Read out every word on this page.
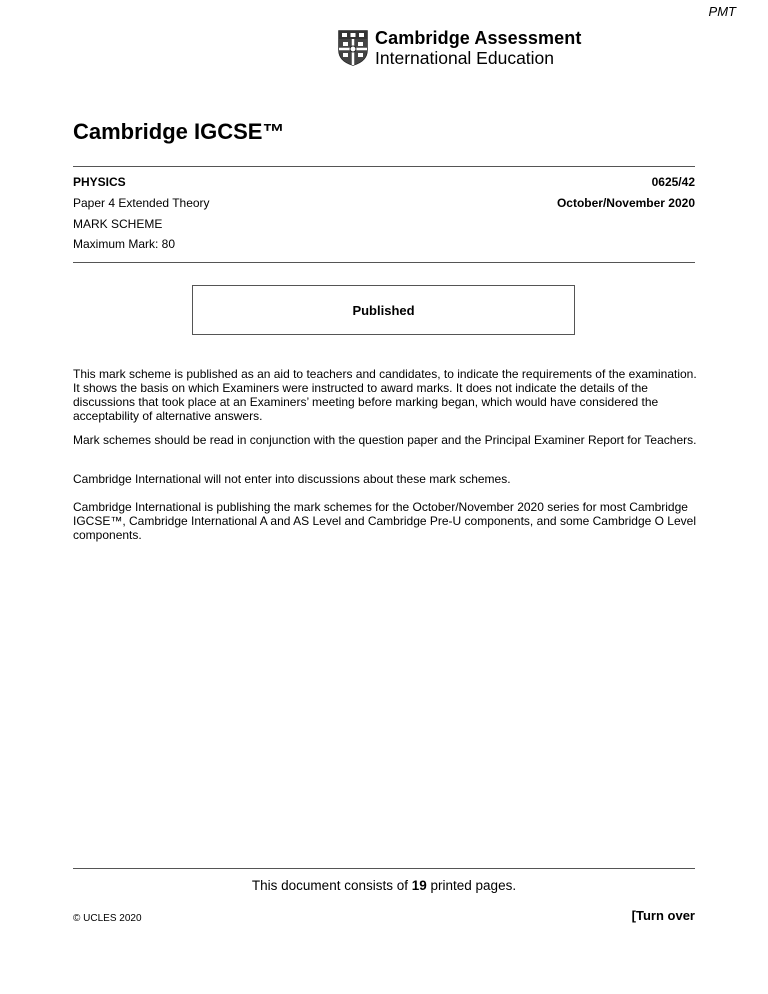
PMT
Cambridge Assessment
International Education
Cambridge IGCSE™
PHYSICS	0625/42
Paper 4 Extended Theory	October/November 2020
MARK SCHEME
Maximum Mark: 80
Published

This mark scheme is published as an aid to teachers and candidates, to indicate the requirements of the examination. It shows the basis on which Examiners were instructed to award marks. It does not indicate the details of the discussions that took place at an Examiners’ meeting before marking began, which would have considered the acceptability of alternative answers.

Mark schemes should be read in conjunction with the question paper and the Principal Examiner Report for Teachers.

Cambridge International will not enter into discussions about these mark schemes.

Cambridge International is publishing the mark schemes for the October/November 2020 series for most Cambridge IGCSE™, Cambridge International A and AS Level and Cambridge Pre-U components, and some Cambridge O Level components.

This document consists of 19 printed pages.
© UCLES 2020	[Turn over
